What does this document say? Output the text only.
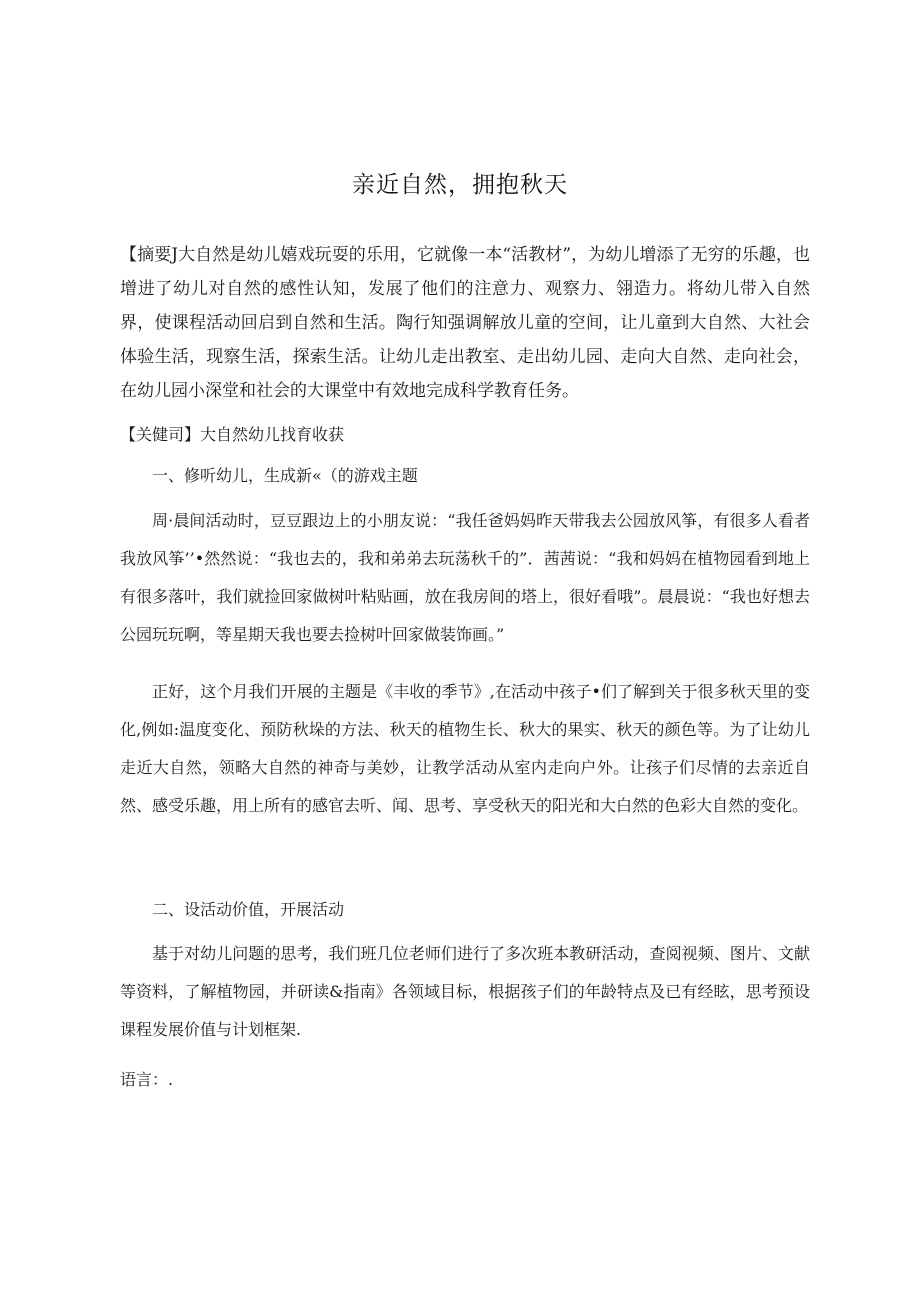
亲近自然，拥抱秋天

【摘要J大自然是幼儿嬉戏玩耍的乐用，它就像一本“活教材”，为幼儿增添了无穷的乐趣，也增进了幼儿对自然的感性认知，发展了他们的注意力、观察力、翎造力。将幼儿带入自然界，使课程活动回启到自然和生活。陶行知强调解放儿童的空间，让儿童到大自然、大社会体验生活，现察生活，探索生活。让幼儿走出教室、走出幼儿园、走向大自然、走向社会，在幼儿园小深堂和社会的大课堂中有效地完成科学教育任务。

【关健司】大自然幼儿找育收获

一、修听幼儿，生成新«（的游戏主题

周·晨间活动时，豆豆跟边上的小朋友说：“我任爸妈妈昨天带我去公园放风筝，有很多人看者我放风筝’’•然然说：“我也去的，我和弟弟去玩荡秋千的”．茜茜说：“我和妈妈在植物园看到地上有很多落叶，我们就捡回家做树叶粘贴画，放在我房间的塔上，很好看哦”。晨晨说：“我也好想去公园玩玩啊，等星期天我也要去捡树叶回家做装饰画。”

正好，这个月我们开展的主题是《丰收的季节》,在活动中孩子•们了解到关于很多秋天里的变化,例如:温度变化、预防秋垛的方法、秋天的植物生长、秋大的果实、秋天的颜色等。为了让幼儿走近大自然，领略大自然的神奇与美妙，让教学活动从室内走向户外。让孩子们尽情的去亲近自然、感受乐趣，用上所有的感官去听、闻、思考、享受秋天的阳光和大白然的色彩大自然的变化。

二、设活动价值，开展活动

基于对幼儿问题的思考，我们班几位老师们进行了多次班本教研活动，查阅视频、图片、文献等资料，了解植物园，并研读&指南》各领域目标，根据孩子们的年龄特点及已有经眩，思考预设课程发展价值与计划框架.

语言：.
